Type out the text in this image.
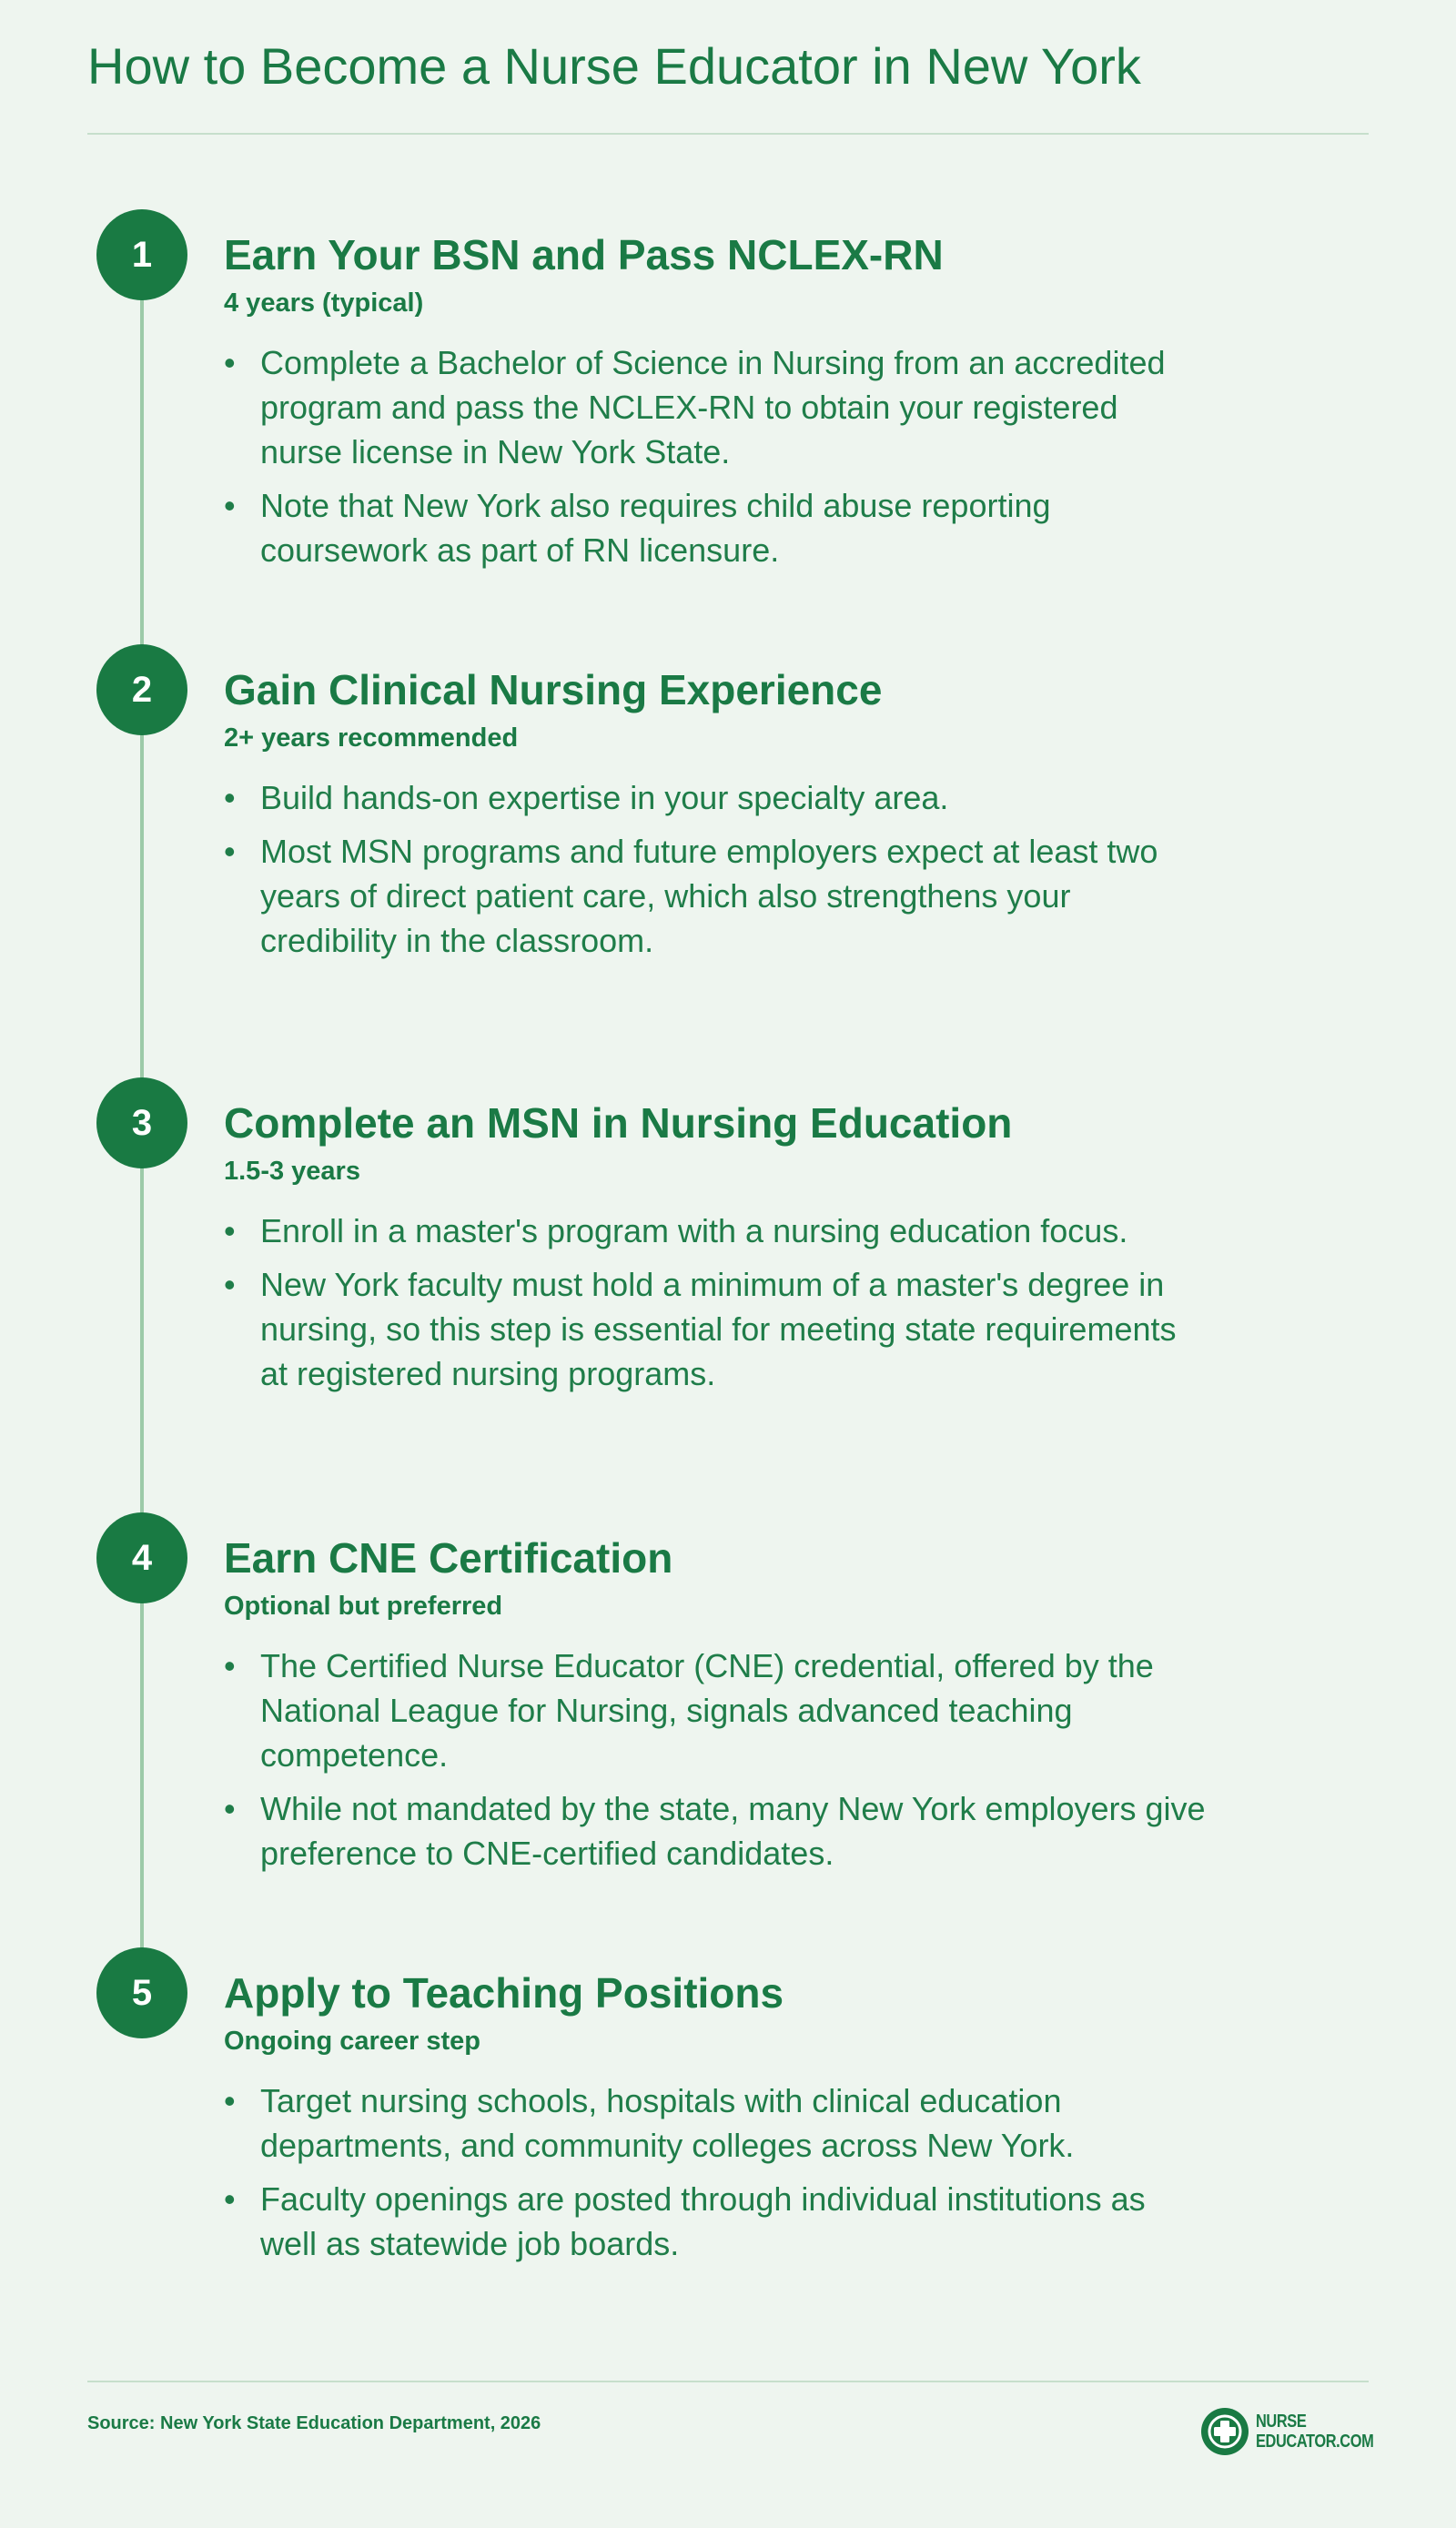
How to Become a Nurse Educator in New York
1	Earn Your BSN and Pass NCLEX-RN

4 years (typical)

• Complete a Bachelor of Science in Nursing from an accredited program and pass the NCLEX-RN to obtain your registered nurse license in New York State.
• Note that New York also requires child abuse reporting coursework as part of RN licensure.
2	Gain Clinical Nursing Experience

2+ years recommended

• Build hands-on expertise in your specialty area.
• Most MSN programs and future employers expect at least two years of direct patient care, which also strengthens your credibility in the classroom.
3	Complete an MSN in Nursing Education

1.5-3 years

• Enroll in a master's program with a nursing education focus.
• New York faculty must hold a minimum of a master's degree in nursing, so this step is essential for meeting state requirements at registered nursing programs.
4	Earn CNE Certification

Optional but preferred

• The Certified Nurse Educator (CNE) credential, offered by the National League for Nursing, signals advanced teaching competence.
• While not mandated by the state, many New York employers give preference to CNE-certified candidates.
5	Apply to Teaching Positions

Ongoing career step

• Target nursing schools, hospitals with clinical education departments, and community colleges across New York.
• Faculty openings are posted through individual institutions as well as statewide job boards.
Source: New York State Education Department, 2026	NURSE
EDUCATOR.COM
